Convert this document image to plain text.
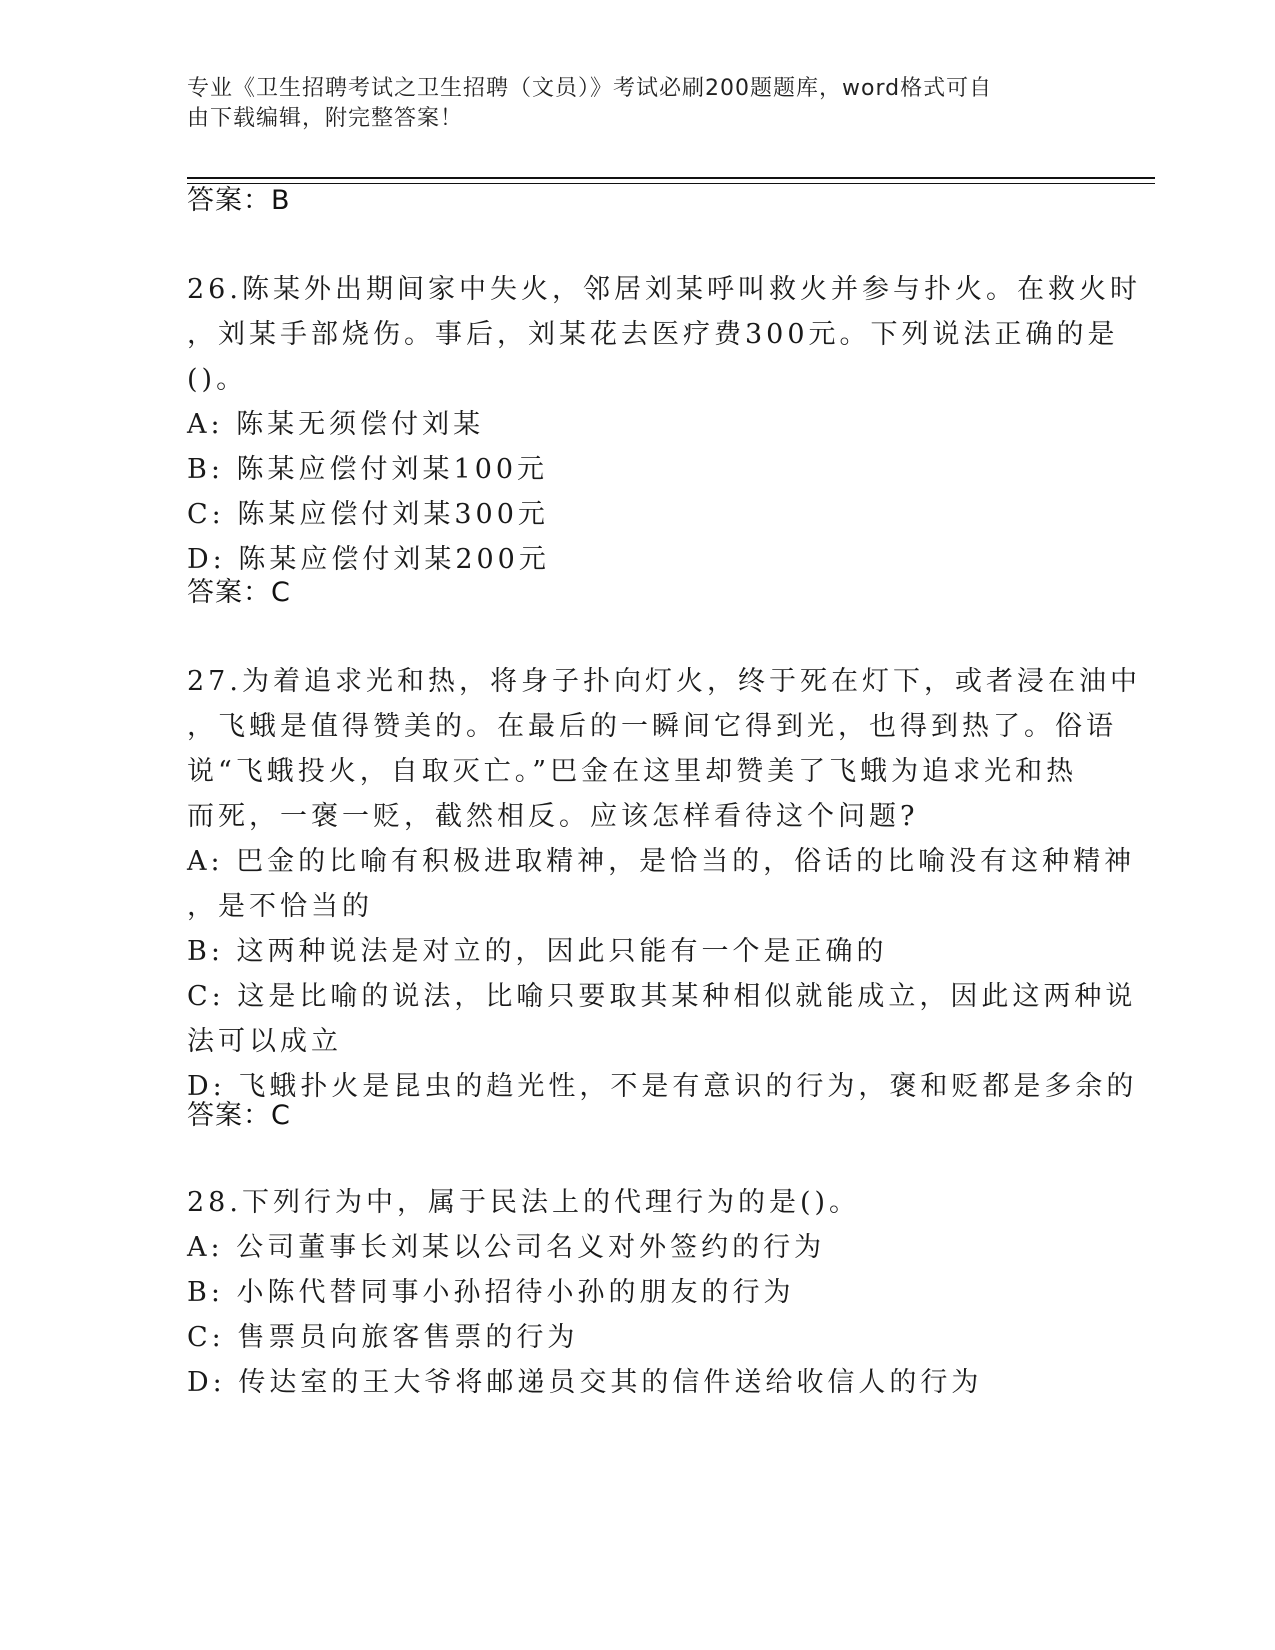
专业《卫生招聘考试之卫生招聘（文员）》考试必刷200题题库，word格式可自
由下载编辑，附完整答案！
答案：B
26.陈某外出期间家中失火，邻居刘某呼叫救火并参与扑火。在救火时
，刘某手部烧伤。事后，刘某花去医疗费300元。下列说法正确的是
()。
A: 陈某无须偿付刘某
B: 陈某应偿付刘某100元
C: 陈某应偿付刘某300元
D: 陈某应偿付刘某200元
答案：C
27.为着追求光和热，将身子扑向灯火，终于死在灯下，或者浸在油中
，飞蛾是值得赞美的。在最后的一瞬间它得到光，也得到热了。俗语
说“飞蛾投火，自取灭亡。”巴金在这里却赞美了飞蛾为追求光和热
而死，一褒一贬，截然相反。应该怎样看待这个问题?
A: 巴金的比喻有积极进取精神，是恰当的，俗话的比喻没有这种精神
，是不恰当的
B: 这两种说法是对立的，因此只能有一个是正确的
C: 这是比喻的说法，比喻只要取其某种相似就能成立，因此这两种说
法可以成立
D: 飞蛾扑火是昆虫的趋光性，不是有意识的行为，褒和贬都是多余的
答案：C
28.下列行为中，属于民法上的代理行为的是()。
A: 公司董事长刘某以公司名义对外签约的行为
B: 小陈代替同事小孙招待小孙的朋友的行为
C: 售票员向旅客售票的行为
D: 传达室的王大爷将邮递员交其的信件送给收信人的行为
